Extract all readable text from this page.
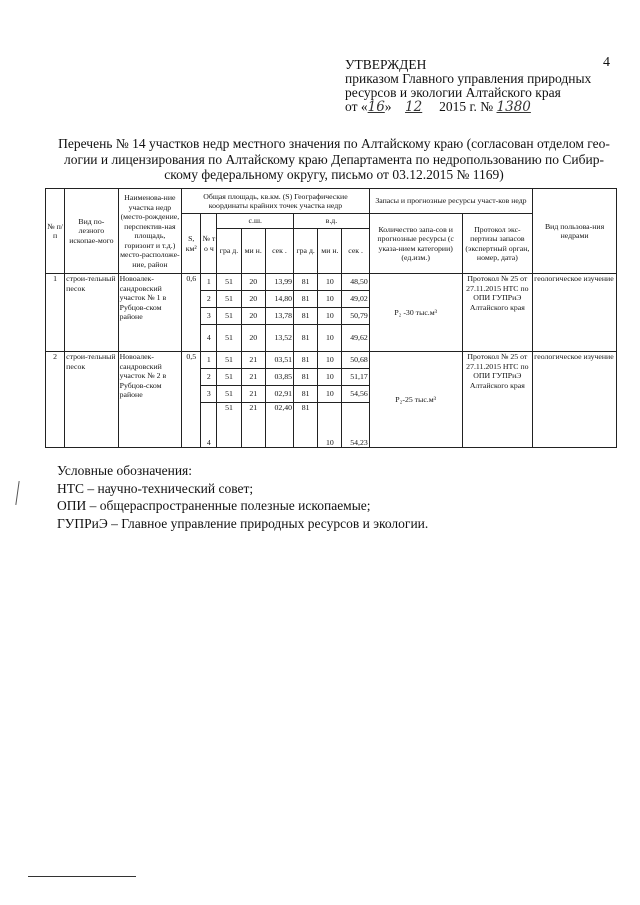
4
УТВЕРЖДЕН
приказом Главного управления природных
ресурсов и экологии Алтайского края
от «16»    12 2015 г. № 1380
Перечень № 14 участков недр местного значения по Алтайскому краю (согласован отделом гео-логии и лицензирования по Алтайскому краю Департамента по недропользованию по Сибир-скому федеральному округу, письмо от 03.12.2015 № 1169)
№ п/ п	Вид по-лезного ископае-мого	Наименова-ние участка недр (место-рождение, перспектив-ная площадь, горизонт и т.д.) место-расположе-ние, район	Общая площадь, кв.км. (S) Географические координаты крайних точек участка недр								Запасы и прогнозные ресурсы участ-ков недр		Вид пользова-ния недрами
			S, км²	№ т о ч	с.ш.			в.д.			Количество запа-сов и прогнозные ресурсы (с указа-нием категории) (ед.изм.)	Протокол экс-пертизы запасов (экспертный орган, номер, дата)	
					гра д.	ми н.	сек .	гра д.	ми н.	сек .			
1	строи-тельный песок	Новоалек-сандровский участок № 1 в Рубцов-ском районе	0,6	1	51	20	13,99	81	10	48,50	P₂ -30 тыс.м³	Протокол № 25 от 27.11.2015 НТС по ОПИ ГУПРиЭ Алтайского края	геологическое изучение
				2	51	20	14,80	81	10	49,02			
				3	51	20	13,78	81	10	50,79			
				4	51	20	13,52	81	10	49,62			
2	строи-тельный песок	Новоалек-сандровский участок № 2 в Рубцов-ском районе	0,5	1	51	21	03,51	81	10	50,68	P₂-25 тыс.м³	Протокол № 25 от 27.11.2015 НТС по ОПИ ГУПРиЭ Алтайского края	геологическое изучение
				2	51	21	03,85	81	10	51,17			
				3	51	21	02,91	81	10	54,56			
				4	51	21	02,40	81	10	54,23			
Условные обозначения:
НТС – научно-технический совет;
ОПИ – общераспространенные полезные ископаемые;
ГУПРиЭ – Главное управление природных ресурсов и экологии.
